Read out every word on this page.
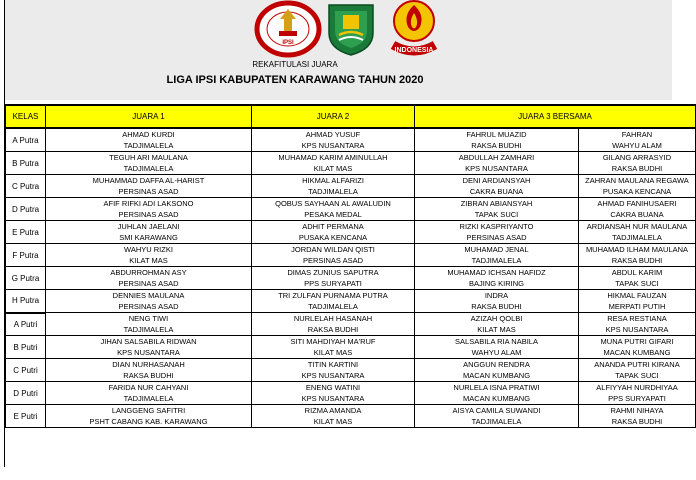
IPSI
INDONESIA
REKAFITULASI JUARA
LIGA IPSI KABUPATEN KARAWANG TAHUN 2020
KELAS	JUARA 1	JUARA 2	JUARA 3 BERSAMA	
A Putra	AHMAD KURDI	AHMAD YUSUF	FAHRUL MUAZID	FAHRAN
	TADJIMALELA	KPS NUSANTARA	RAKSA BUDHI	WAHYU ALAM
B Putra	TEGUH ARI MAULANA	MUHAMAD KARIM AMINULLAH	ABDULLAH ZAMHARI	GILANG ARRASYID
	TADJIMALELA	KILAT MAS	KPS NUSANTARA	RAKSA BUDHI
C Putra	MUHAMMAD DAFFA AL-HARIST	HIKMAL ALFARIZI	DENI ARDIANSYAH	ZAHRAN MAULANA REGAWA
	PERSINAS ASAD	TADJIMALELA	CAKRA BUANA	PUSAKA KENCANA
D Putra	AFIF RIFKI ADI LAKSONO	QOBUS SAYHAAN AL AWALUDIN	ZIBRAN ABIANSYAH	AHMAD FANIHUSAERI
	PERSINAS ASAD	PESAKA MEDAL	TAPAK SUCI	CAKRA BUANA
E Putra	JUHLAN JAELANI	ADHIT PERMANA	RIZKI KASPRIYANTO	ARDIANSAH NUR MAULANA
	SMI KARAWANG	PUSAKA KENCANA	PERSINAS ASAD	TADJIMALELA
F Putra	WAHYU RIZKI	JORDAN WILDAN QISTI	MUHAMAD JENAL	MUHAMAD ILHAM MAULANA
	KILAT MAS	PERSINAS ASAD	TADJIMALELA	RAKSA BUDHI
G Putra	ABDURROHMAN ASY	DIMAS ZUNIUS SAPUTRA	MUHAMAD ICHSAN HAFIDZ	ABDUL KARIM
	PERSINAS ASAD	PPS SURYAPATI	BAJING KIRING	TAPAK SUCI
H Putra	DENNIES MAULANA	TRI ZULFAN PURNAMA PUTRA	INDRA	HIKMAL FAUZAN
	PERSINAS ASAD	TADJIMALELA	RAKSA BUDHI	MERPATI PUTIH
A Putri	NENG TIWI	NURLELAH HASANAH	AZIZAH QOLBI	RESA RESTIANA
	TADJIMALELA	RAKSA BUDHI	KILAT MAS	KPS NUSANTARA
B Putri	JIHAN SALSABILA RIDWAN	SITI MAHDIYAH MA'RUF	SALSABILA RIA NABILA	MUNA PUTRI GIFARI
	KPS NUSANTARA	KILAT MAS	WAHYU ALAM	MACAN KUMBANG
C Putri	DIAN NURHASANAH	TITIN KARTINI	ANGGUN RENDRA	ANANDA PUTRI KIRANA
	RAKSA BUDHI	KPS NUSANTARA	MACAN KUMBANG	TAPAK SUCI
D Putri	FARIDA NUR CAHYANI	ENENG WATINI	NURLELA ISNA PRATIWI	ALFIYYAH NURDHIYAA
	TADJIMALELA	KPS NUSANTARA	MACAN KUMBANG	PPS SURYAPATI
E Putri	LANGGENG SAFITRI	RIZMA AMANDA	AISYA CAMILA SUWANDI	RAHMI NIHAYA
	PSHT CABANG KAB. KARAWANG	KILAT MAS	TADJIMALELA	RAKSA BUDHI
